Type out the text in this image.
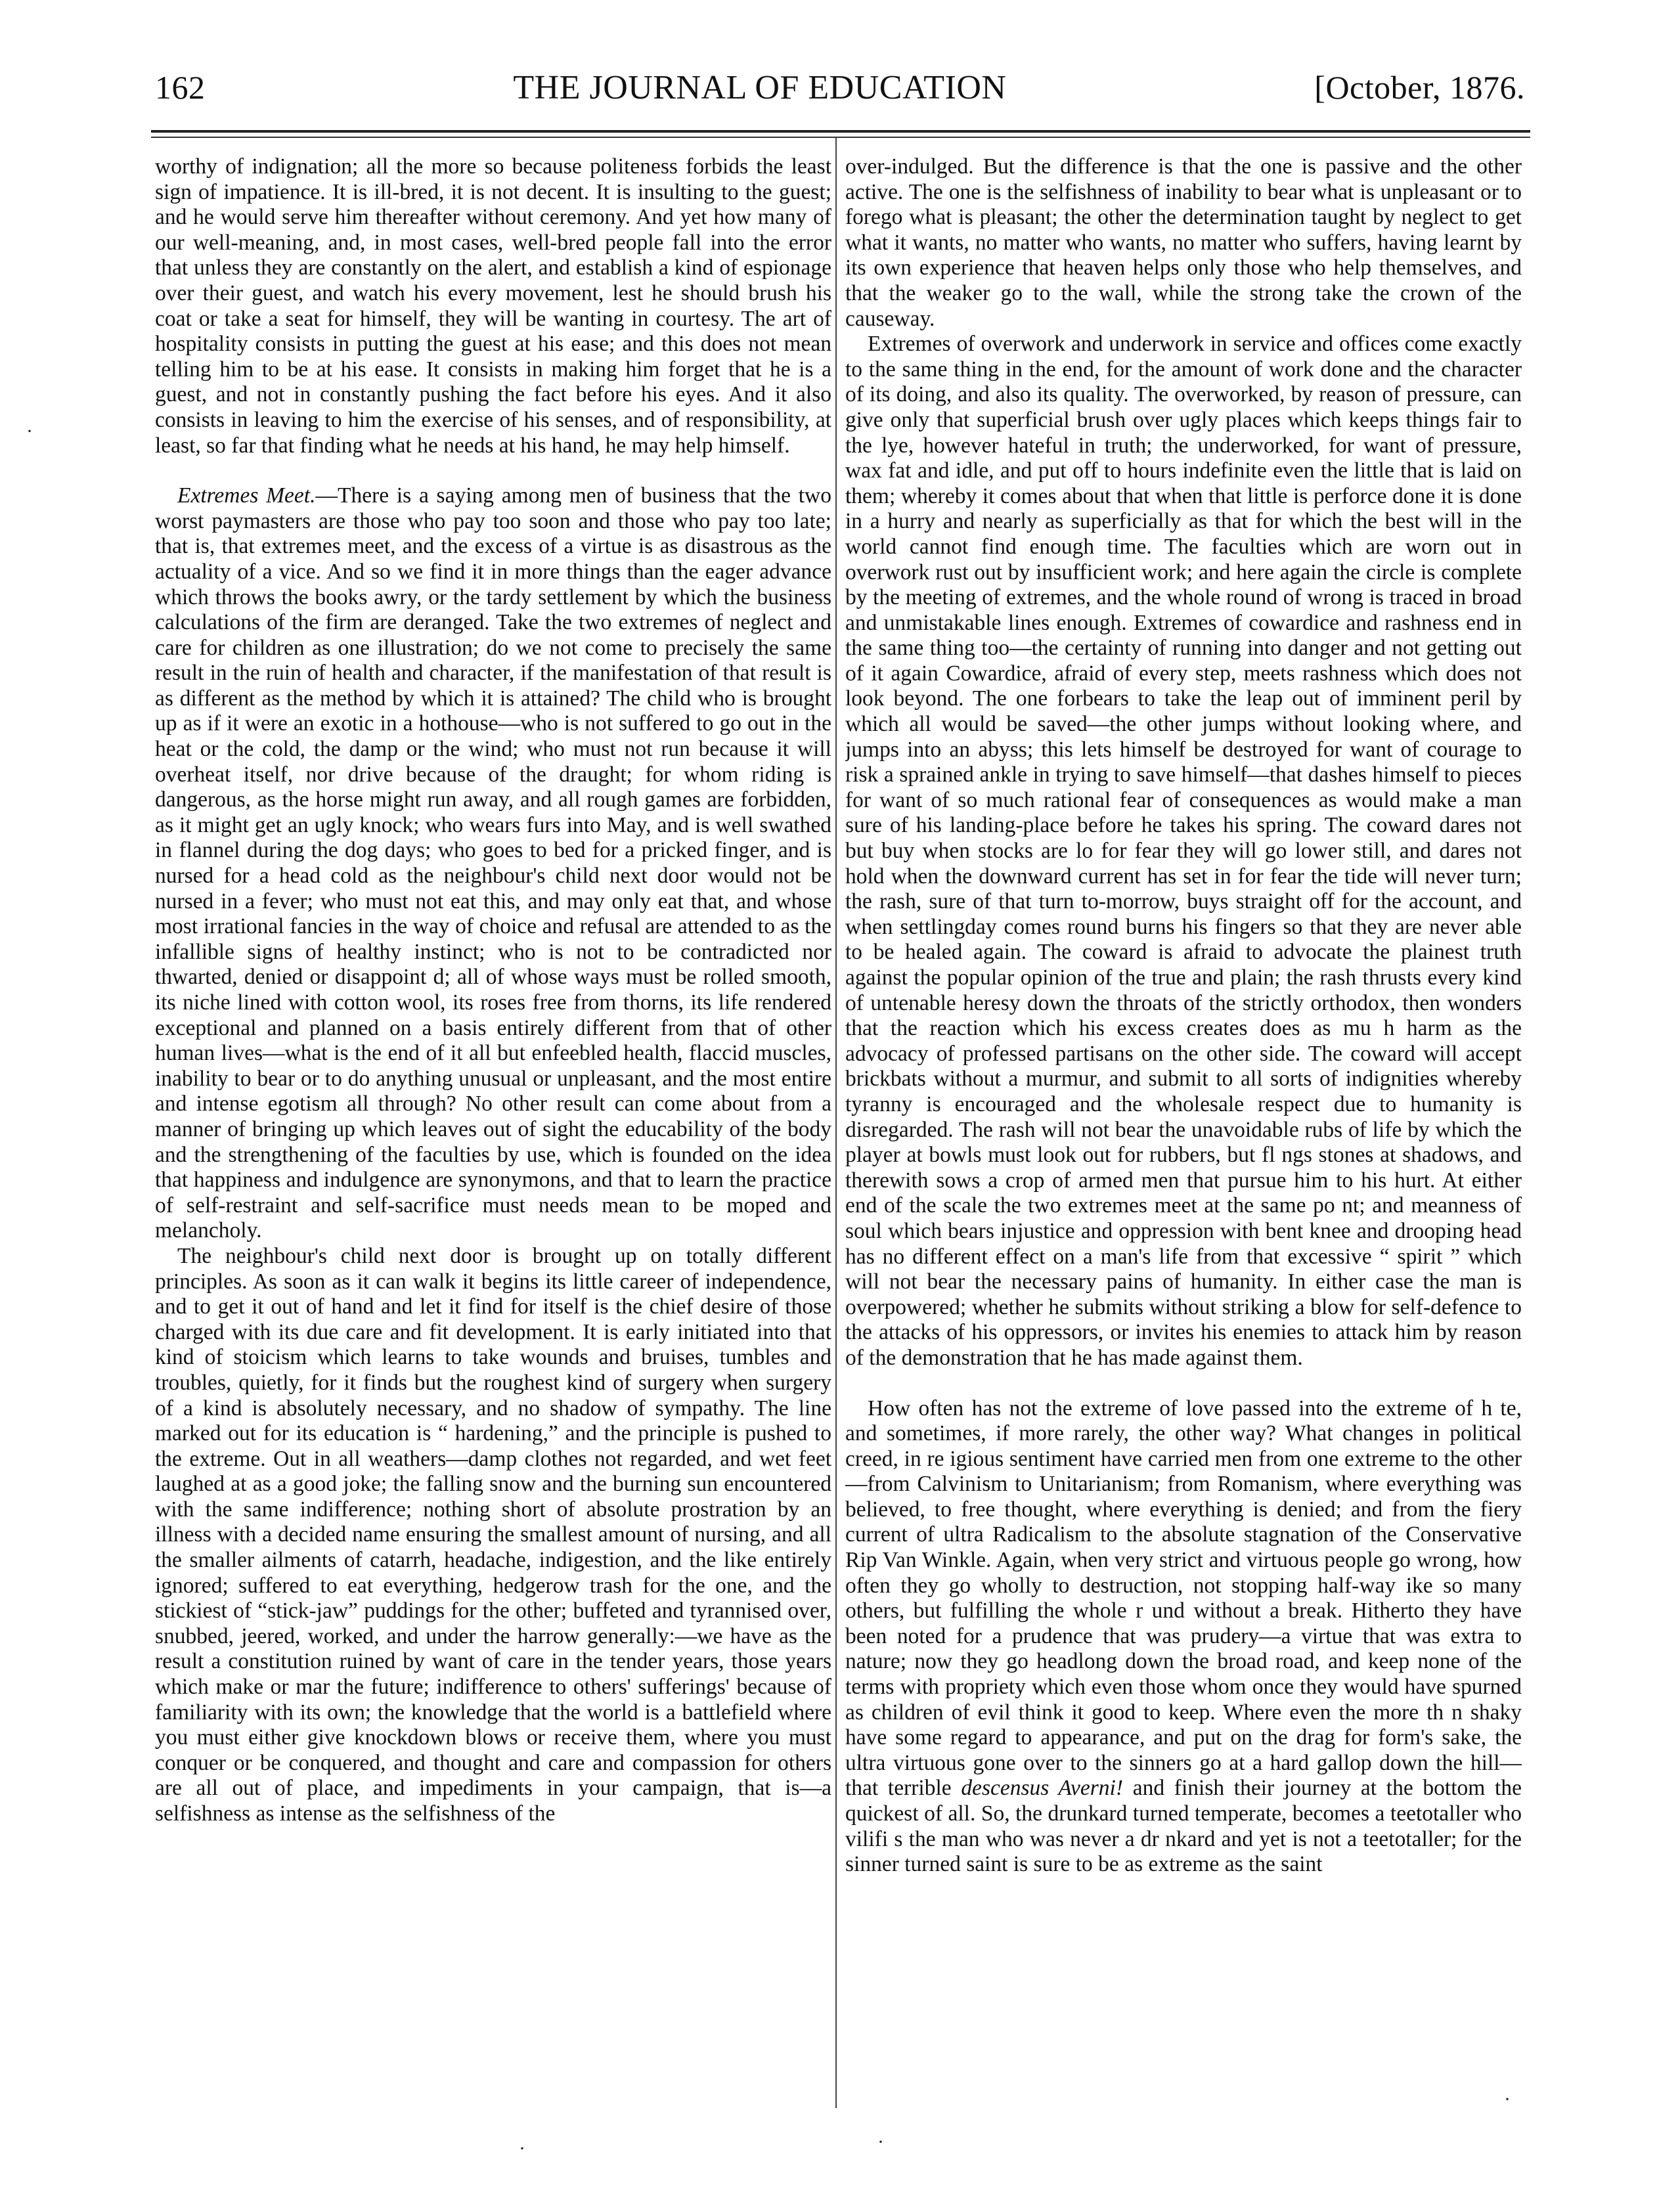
162	THE JOURNAL OF EDUCATION	[October, 1876.

worthy of indignation; all the more so because politeness forbids the least sign of impatience. It is ill-bred, it is not decent. It is insulting to the guest; and he would serve him thereafter without ceremony. And yet how many of our well-meaning, and, in most cases, well-bred people fall into the error that unless they are constantly on the alert, and establish a kind of espionage over their guest, and watch his every movement, lest he should brush his coat or take a seat for himself, they will be wanting in courtesy. The art of hospitality consists in putting the guest at his ease; and this does not mean telling him to be at his ease. It consists in making him forget that he is a guest, and not in constantly pushing the fact before his eyes. And it also consists in leaving to him the exercise of his senses, and of responsibility, at least, so far that finding what he needs at his hand, he may help himself.

Extremes Meet.—There is a saying among men of business that the two worst paymasters are those who pay too soon and those who pay too late; that is, that extremes meet, and the excess of a virtue is as disastrous as the actuality of a vice. And so we find it in more things than the eager advance which throws the books awry, or the tardy settlement by which the business calculations of the firm are deranged. Take the two extremes of neglect and care for children as one illustration; do we not come to precisely the same result in the ruin of health and character, if the manifestation of that result is as different as the method by which it is attained? The child who is brought up as if it were an exotic in a hothouse—who is not suffered to go out in the heat or the cold, the damp or the wind; who must not run because it will overheat itself, nor drive because of the draught; for whom riding is dangerous, as the horse might run away, and all rough games are forbidden, as it might get an ugly knock; who wears furs into May, and is well swathed in flannel during the dog days; who goes to bed for a pricked finger, and is nursed for a head cold as the neighbour's child next door would not be nursed in a fever; who must not eat this, and may only eat that, and whose most irrational fancies in the way of choice and refusal are attended to as the infallible signs of healthy instinct; who is not to be contradicted nor thwarted, denied or disappoint d; all of whose ways must be rolled smooth, its niche lined with cotton wool, its roses free from thorns, its life rendered exceptional and planned on a basis entirely different from that of other human lives—what is the end of it all but enfeebled health, flaccid muscles, inability to bear or to do anything unusual or unpleasant, and the most entire and intense egotism all through? No other result can come about from a manner of bringing up which leaves out of sight the educability of the body and the strengthening of the faculties by use, which is founded on the idea that happiness and indulgence are synonymons, and that to learn the practice of self-restraint and self-sacrifice must needs mean to be moped and melancholy.

The neighbour's child next door is brought up on totally different principles. As soon as it can walk it begins its little career of independence, and to get it out of hand and let it find for itself is the chief desire of those charged with its due care and fit development. It is early initiated into that kind of stoicism which learns to take wounds and bruises, tumbles and troubles, quietly, for it finds but the roughest kind of surgery when surgery of a kind is absolutely necessary, and no shadow of sympathy. The line marked out for its education is “ hardening,” and the principle is pushed to the extreme. Out in all weathers—damp clothes not regarded, and wet feet laughed at as a good joke; the falling snow and the burning sun encountered with the same indifference; nothing short of absolute prostration by an illness with a decided name ensuring the smallest amount of nursing, and all the smaller ailments of catarrh, headache, indigestion, and the like entirely ignored; suffered to eat everything, hedgerow trash for the one, and the stickiest of “stick-jaw” puddings for the other; buffeted and tyrannised over, snubbed, jeered, worked, and under the harrow generally:—we have as the result a constitution ruined by want of care in the tender years, those years which make or mar the future; indifference to others' sufferings' because of familiarity with its own; the knowledge that the world is a battlefield where you must either give knockdown blows or receive them, where you must conquer or be conquered, and thought and care and compassion for others are all out of place, and impediments in your campaign, that is—a selfishness as intense as the selfishness of the

over-indulged. But the difference is that the one is passive and the other active. The one is the selfishness of inability to bear what is unpleasant or to forego what is pleasant; the other the determination taught by neglect to get what it wants, no matter who wants, no matter who suffers, having learnt by its own experience that heaven helps only those who help themselves, and that the weaker go to the wall, while the strong take the crown of the causeway.

Extremes of overwork and underwork in service and offices come exactly to the same thing in the end, for the amount of work done and the character of its doing, and also its quality. The overworked, by reason of pressure, can give only that superficial brush over ugly places which keeps things fair to the lye, however hateful in truth; the underworked, for want of pressure, wax fat and idle, and put off to hours indefinite even the little that is laid on them; whereby it comes about that when that little is perforce done it is done in a hurry and nearly as superficially as that for which the best will in the world cannot find enough time. The faculties which are worn out in overwork rust out by insufficient work; and here again the circle is complete by the meeting of extremes, and the whole round of wrong is traced in broad and unmistakable lines enough. Extremes of cowardice and rashness end in the same thing too—the certainty of running into danger and not getting out of it again Cowardice, afraid of every step, meets rashness which does not look beyond. The one forbears to take the leap out of imminent peril by which all would be saved—the other jumps without looking where, and jumps into an abyss; this lets himself be destroyed for want of courage to risk a sprained ankle in trying to save himself—that dashes himself to pieces for want of so much rational fear of consequences as would make a man sure of his landing-place before he takes his spring. The coward dares not but buy when stocks are lo for fear they will go lower still, and dares not hold when the downward current has set in for fear the tide will never turn; the rash, sure of that turn to-morrow, buys straight off for the account, and when settlingday comes round burns his fingers so that they are never able to be healed again. The coward is afraid to advocate the plainest truth against the popular opinion of the true and plain; the rash thrusts every kind of untenable heresy down the throats of the strictly orthodox, then wonders that the reaction which his excess creates does as mu h harm as the advocacy of professed partisans on the other side. The coward will accept brickbats without a murmur, and submit to all sorts of indignities whereby tyranny is encouraged and the wholesale respect due to humanity is disregarded. The rash will not bear the unavoidable rubs of life by which the player at bowls must look out for rubbers, but fl ngs stones at shadows, and therewith sows a crop of armed men that pursue him to his hurt. At either end of the scale the two extremes meet at the same po nt; and meanness of soul which bears injustice and oppression with bent knee and drooping head has no different effect on a man's life from that excessive “ spirit ” which will not bear the necessary pains of humanity. In either case the man is overpowered; whether he submits without striking a blow for self-defence to the attacks of his oppressors, or invites his enemies to attack him by reason of the demonstration that he has made against them.

How often has not the extreme of love passed into the extreme of h te, and sometimes, if more rarely, the other way? What changes in political creed, in re igious sentiment have carried men from one extreme to the other—from Calvinism to Unitarianism; from Romanism, where everything was believed, to free thought, where everything is denied; and from the fiery current of ultra Radicalism to the absolute stagnation of the Conservative Rip Van Winkle. Again, when very strict and virtuous people go wrong, how often they go wholly to destruction, not stopping half-way ike so many others, but fulfilling the whole r und without a break. Hitherto they have been noted for a prudence that was prudery—a virtue that was extra to nature; now they go headlong down the broad road, and keep none of the terms with propriety which even those whom once they would have spurned as children of evil think it good to keep. Where even the more th n shaky have some regard to appearance, and put on the drag for form's sake, the ultra virtuous gone over to the sinners go at a hard gallop down the hill—that terrible descensus Averni! and finish their journey at the bottom the quickest of all. So, the drunkard turned temperate, becomes a teetotaller who vilifi s the man who was never a dr nkard and yet is not a teetotaller; for the sinner turned saint is sure to be as extreme as the saint

·
·	·
·
